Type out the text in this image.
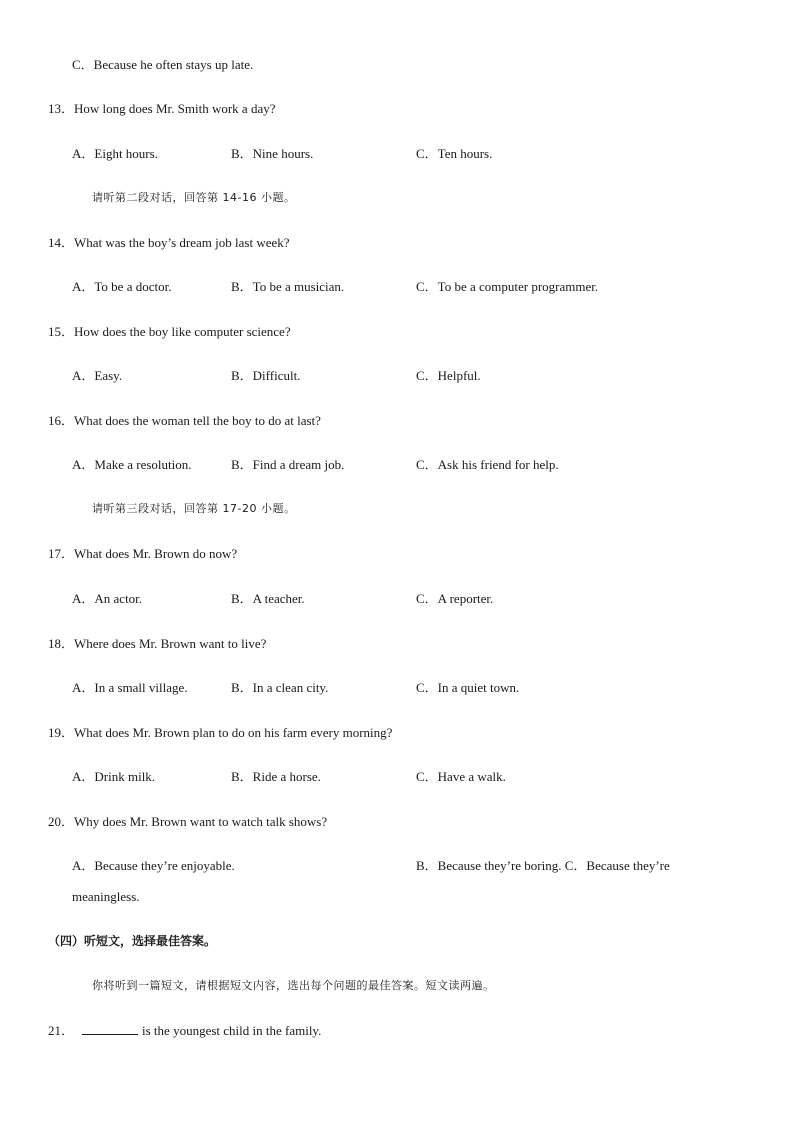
C．Because he often stays up late.
13．How long does Mr. Smith work a day?
A．Eight hours.	B．Nine hours.	C．Ten hours.
请听第二段对话，回答第 14-16 小题。
14．What was the boy’s dream job last week?
A．To be a doctor.	B．To be a musician.	C．To be a computer programmer.
15．How does the boy like computer science?
A．Easy.	B．Difficult.	C．Helpful.
16．What does the woman tell the boy to do at last?
A．Make a resolution.	B．Find a dream job.	C．Ask his friend for help.
请听第三段对话，回答第 17-20 小题。
17．What does Mr. Brown do now?
A．An actor.	B．A teacher.	C．A reporter.
18．Where does Mr. Brown want to live?
A．In a small village.	B．In a clean city.	C．In a quiet town.
19．What does Mr. Brown plan to do on his farm every morning?
A．Drink milk.	B．Ride a horse.	C．Have a walk.
20．Why does Mr. Brown want to watch talk shows?
A．Because they’re enjoyable.	B．Because they’re boring. C．Because they’re
meaningless.
（四）听短文，选择最佳答案。
你将听到一篇短文，请根据短文内容，选出每个问题的最佳答案。短文读两遍。
21．	is the youngest child in the family.
